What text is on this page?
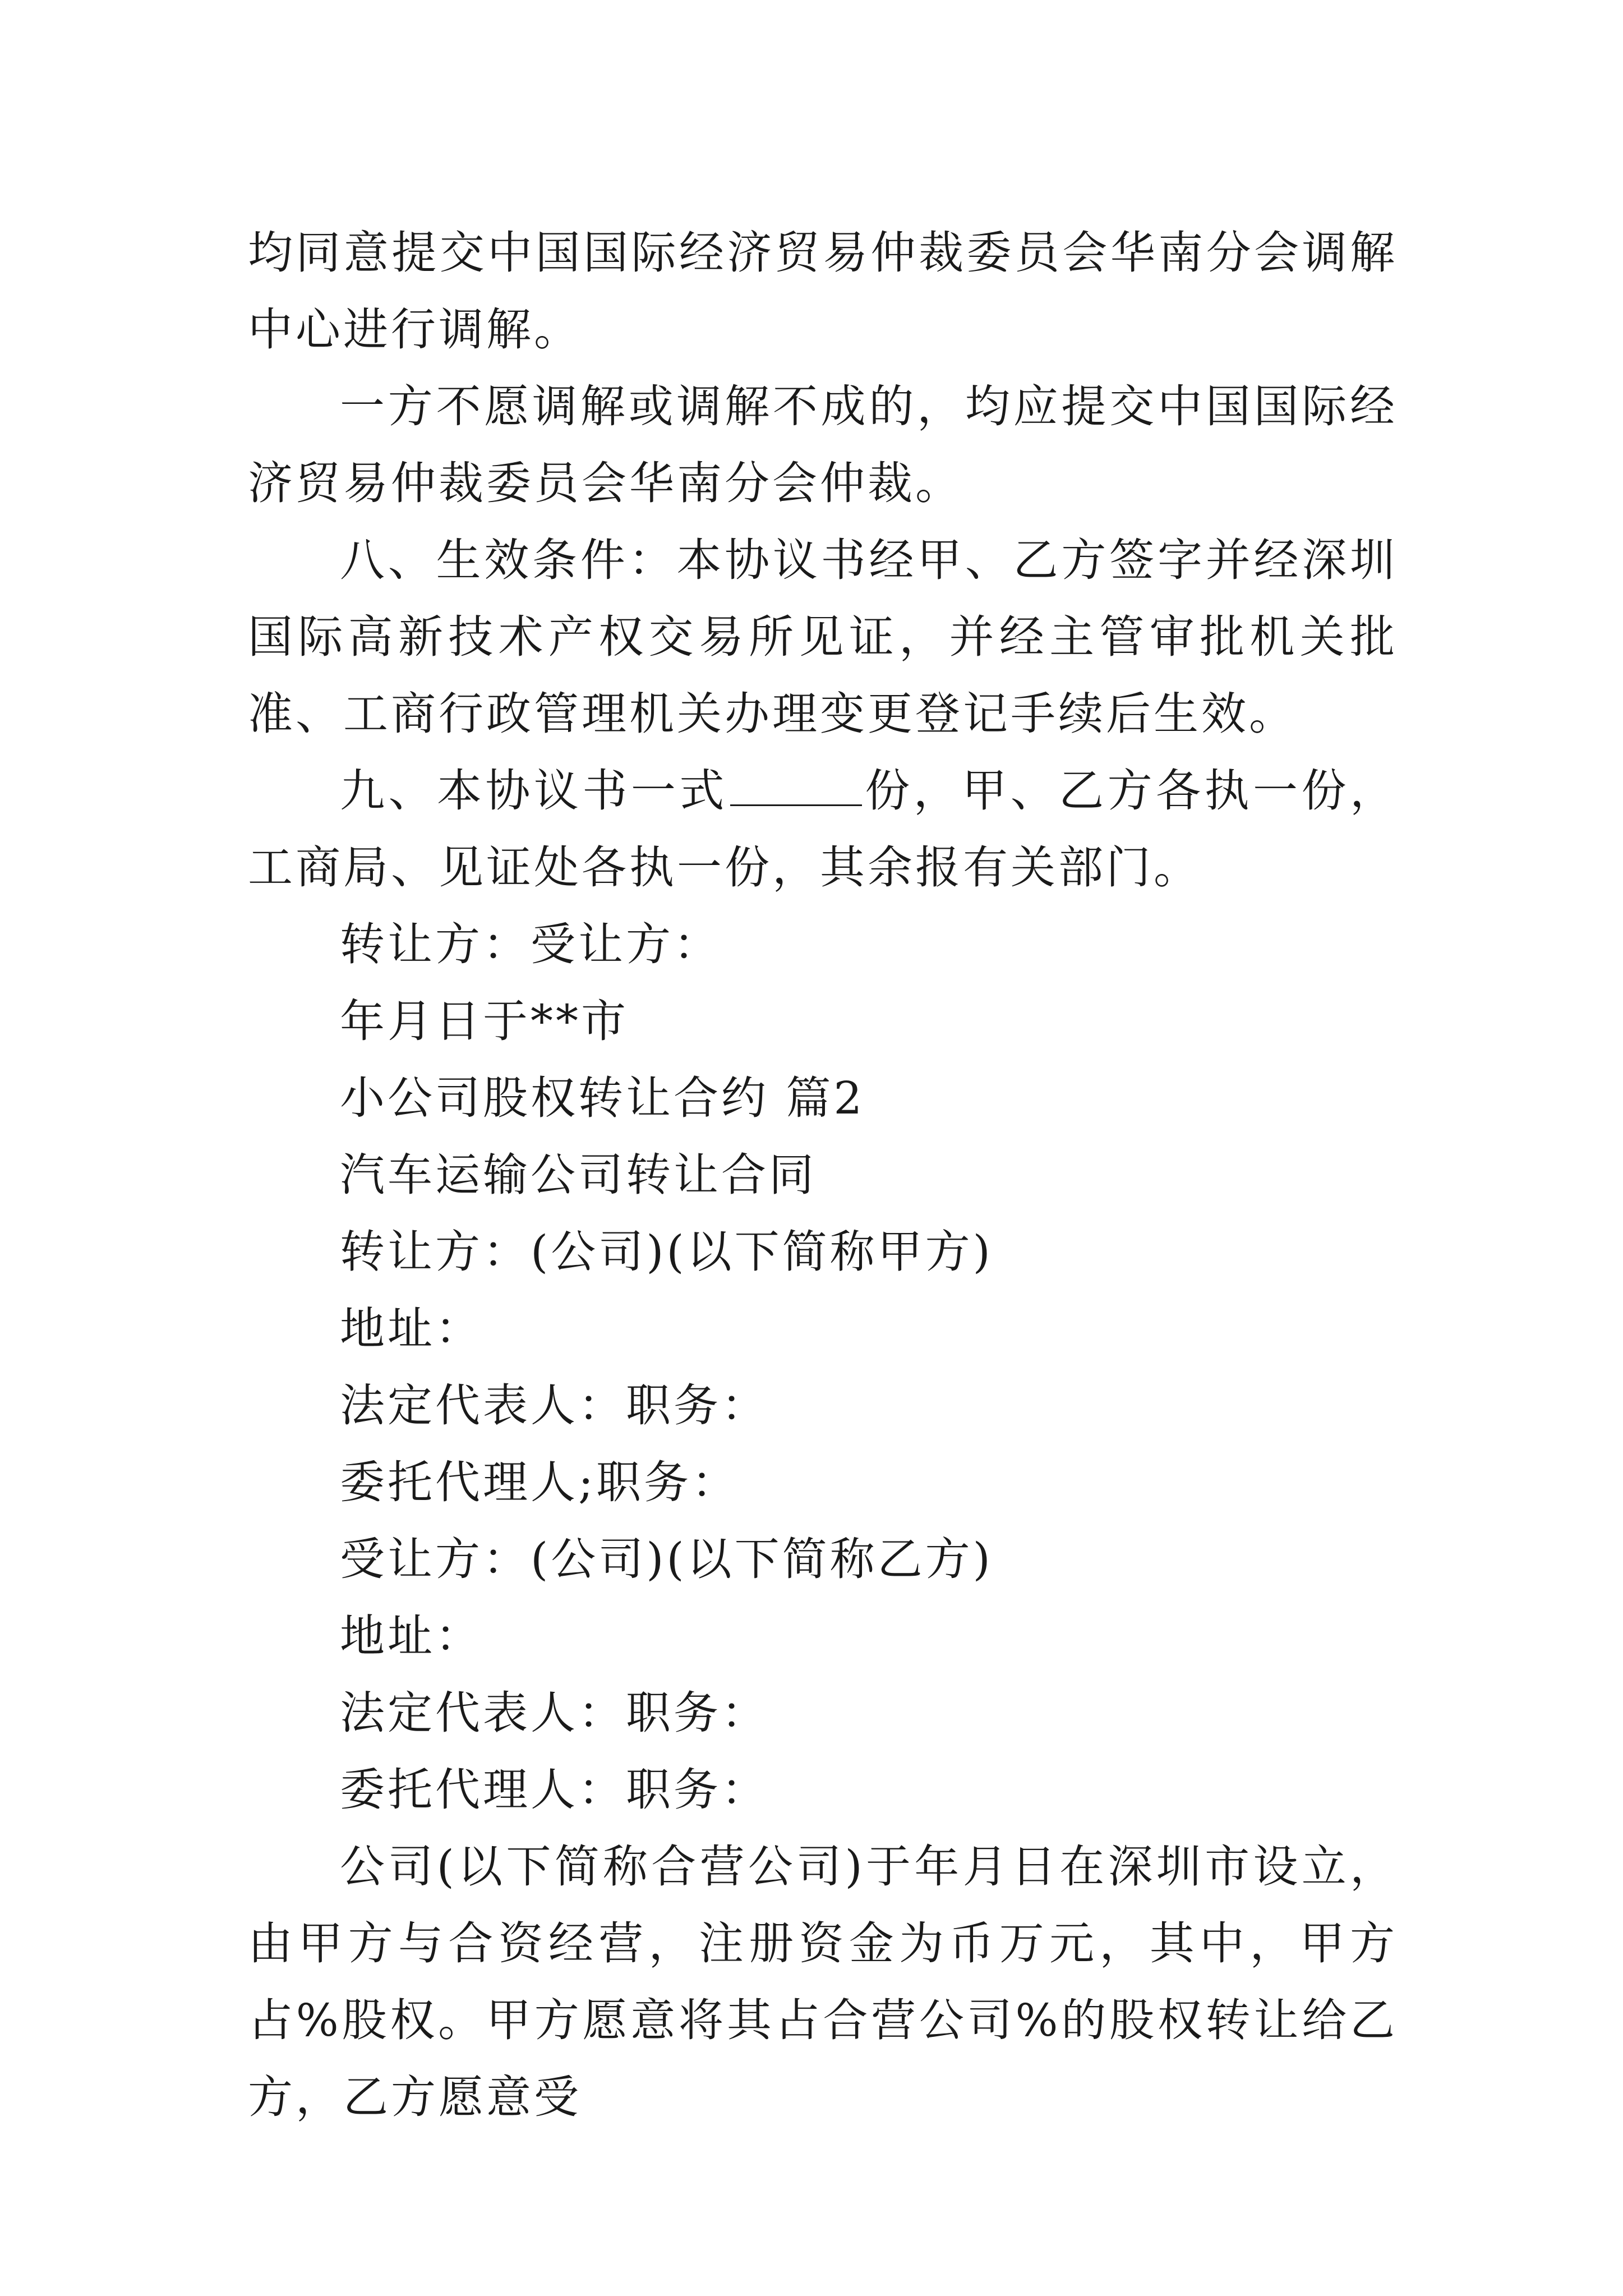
均同意提交中国国际经济贸易仲裁委员会华南分会调解中心进行调解。

一方不愿调解或调解不成的，均应提交中国国际经济贸易仲裁委员会华南分会仲裁。

八、生效条件：本协议书经甲、乙方签字并经深圳国际高新技术产权交易所见证，并经主管审批机关批准、工商行政管理机关办理变更登记手续后生效。

九、本协议书一式	份，甲、乙方各执一份，工商局、见证处各执一份，其余报有关部门。

转让方：受让方：

年月日于**市

小公司股权转让合约 篇2

汽车运输公司转让合同

转让方：(公司)(以下简称甲方)

地址：

法定代表人：职务：

委托代理人;职务：

受让方：(公司)(以下简称乙方)

地址：

法定代表人：职务：

委托代理人：职务：

公司(以下简称合营公司)于年月日在深圳市设立，由甲方与合资经营，注册资金为币万元，其中，甲方占%股权。甲方愿意将其占合营公司%的股权转让给乙方，乙方愿意受
